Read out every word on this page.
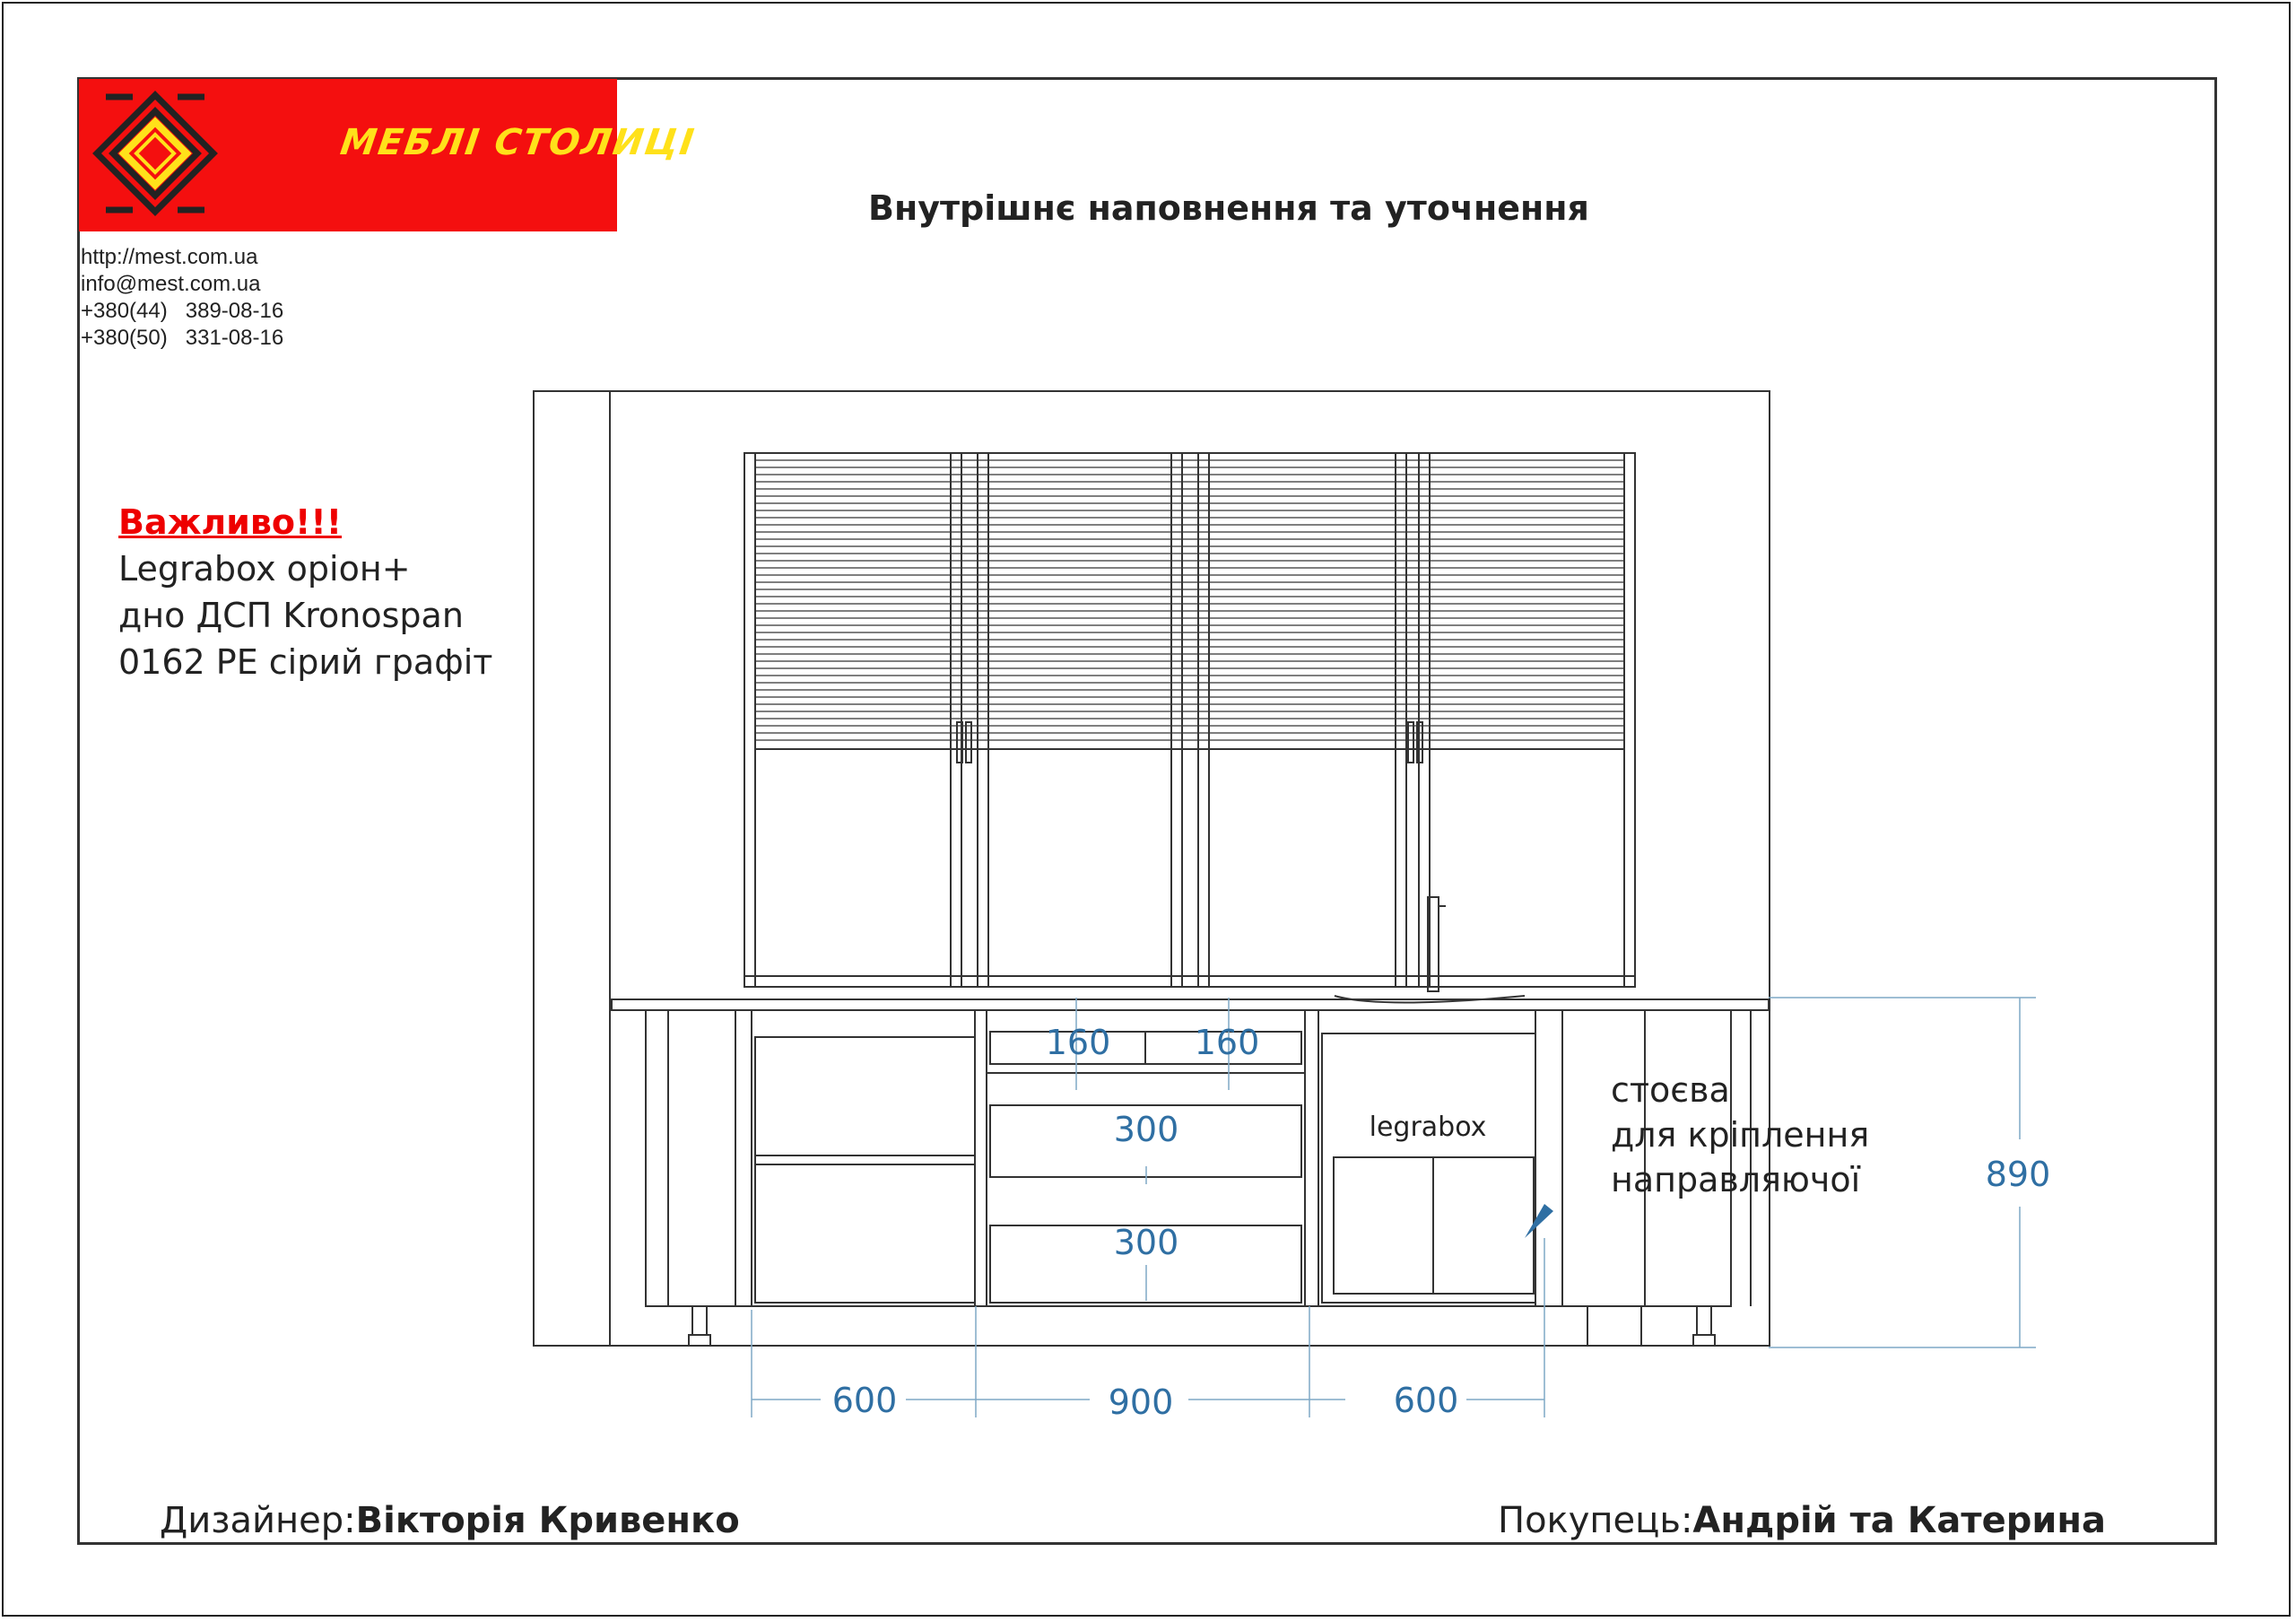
МЕБЛІ СТОЛИЦІ
http://mest.com.ua
info@mest.com.ua
+380(44)   389-08-16
+380(50)   331-08-16
Внутрішнє наповнення та уточнення
Важливо!!!
Legrabox оріон+
дно ДСП Kronospan
0162 PE сірий графіт
160 160
300
300
890
600	900	600
legrabox
стоєва
для кріплення
направляючої
Дизайнер:Вікторія Кривенко	Покупець:Андрій та Катерина
